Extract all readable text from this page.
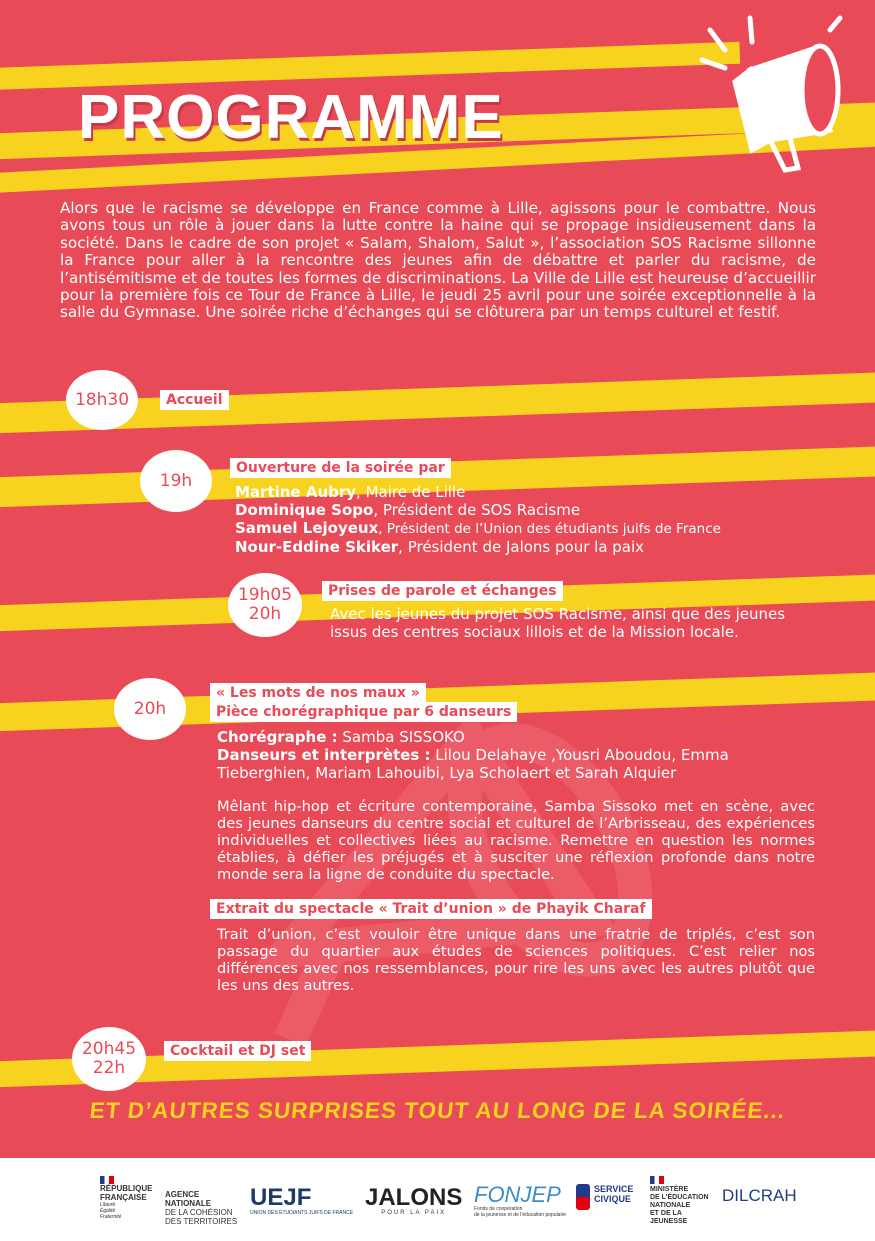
PROGRAMME
Alors que le racisme se développe en France comme à Lille, agissons pour le combattre. Nous avons tous un rôle à jouer dans la lutte contre la haine qui se propage insidieusement dans la société. Dans le cadre de son projet « Salam, Shalom, Salut », l’association SOS Racisme sillonne la France pour aller à la rencontre des jeunes afin de débattre et parler du racisme, de l’antisémitisme et de toutes les formes de discriminations. La Ville de Lille est heureuse d’accueillir pour la première fois ce Tour de France à Lille, le jeudi 25 avril pour une soirée exceptionnelle à la salle du Gymnase. Une soirée riche d’échanges qui se clôturera par un temps culturel et festif.
18h30	Accueil
19h
Ouverture de la soirée par
Martine Aubry, Maire de Lille
Dominique Sopo, Président de SOS Racisme
Samuel Lejoyeux, Président de l’Union des étudiants juifs de France
Nour-Eddine Skiker, Président de Jalons pour la paix
19h05
20h
Prises de parole et échanges
Avec les jeunes du projet SOS Racisme, ainsi que des jeunes
issus des centres sociaux lillois et de la Mission locale.
20h
« Les mots de nos maux »
Pièce chorégraphique par 6 danseurs
Chorégraphe : Samba SISSOKO
Danseurs et interprètes : Lilou Delahaye ,Yousri Aboudou, Emma Tieberghien, Mariam Lahouibi, Lya Scholaert et Sarah Alquier
Mêlant hip-hop et écriture contemporaine, Samba Sissoko met en scène, avec des jeunes danseurs du centre social et culturel de l’Arbrisseau, des expériences individuelles et collectives liées au racisme. Remettre en question les normes établies, à défier les préjugés et à susciter une réflexion profonde dans notre monde sera la ligne de conduite du spectacle.
Extrait du spectacle « Trait d’union » de Phayik Charaf
Trait d’union, c’est vouloir être unique dans une fratrie de triplés, c’est son passage du quartier aux études de sciences politiques. C’est relier nos différences avec nos ressemblances, pour rire les uns avec les autres plutôt que les uns des autres.
20h45
22h
Cocktail et DJ set
ET D’AUTRES SURPRISES TOUT AU LONG DE LA SOIRÉE...
RÉPUBLIQUE
FRANÇAISE
Liberté
Égalité
Fraternité
AGENCE
NATIONALE
DE LA COHÉSION
DES TERRITOIRES
UEJF
UNION DES ÉTUDIANTS JUIFS DE FRANCE
JALONS
POUR LA PAIX
FONJEP
Fonds de coopération
de la jeunesse et de l’éducation populaire
SERVICE
CIVIQUE
MINISTÈRE
DE L’ÉDUCATION
NATIONALE
ET DE LA JEUNESSE
DILCRAH
